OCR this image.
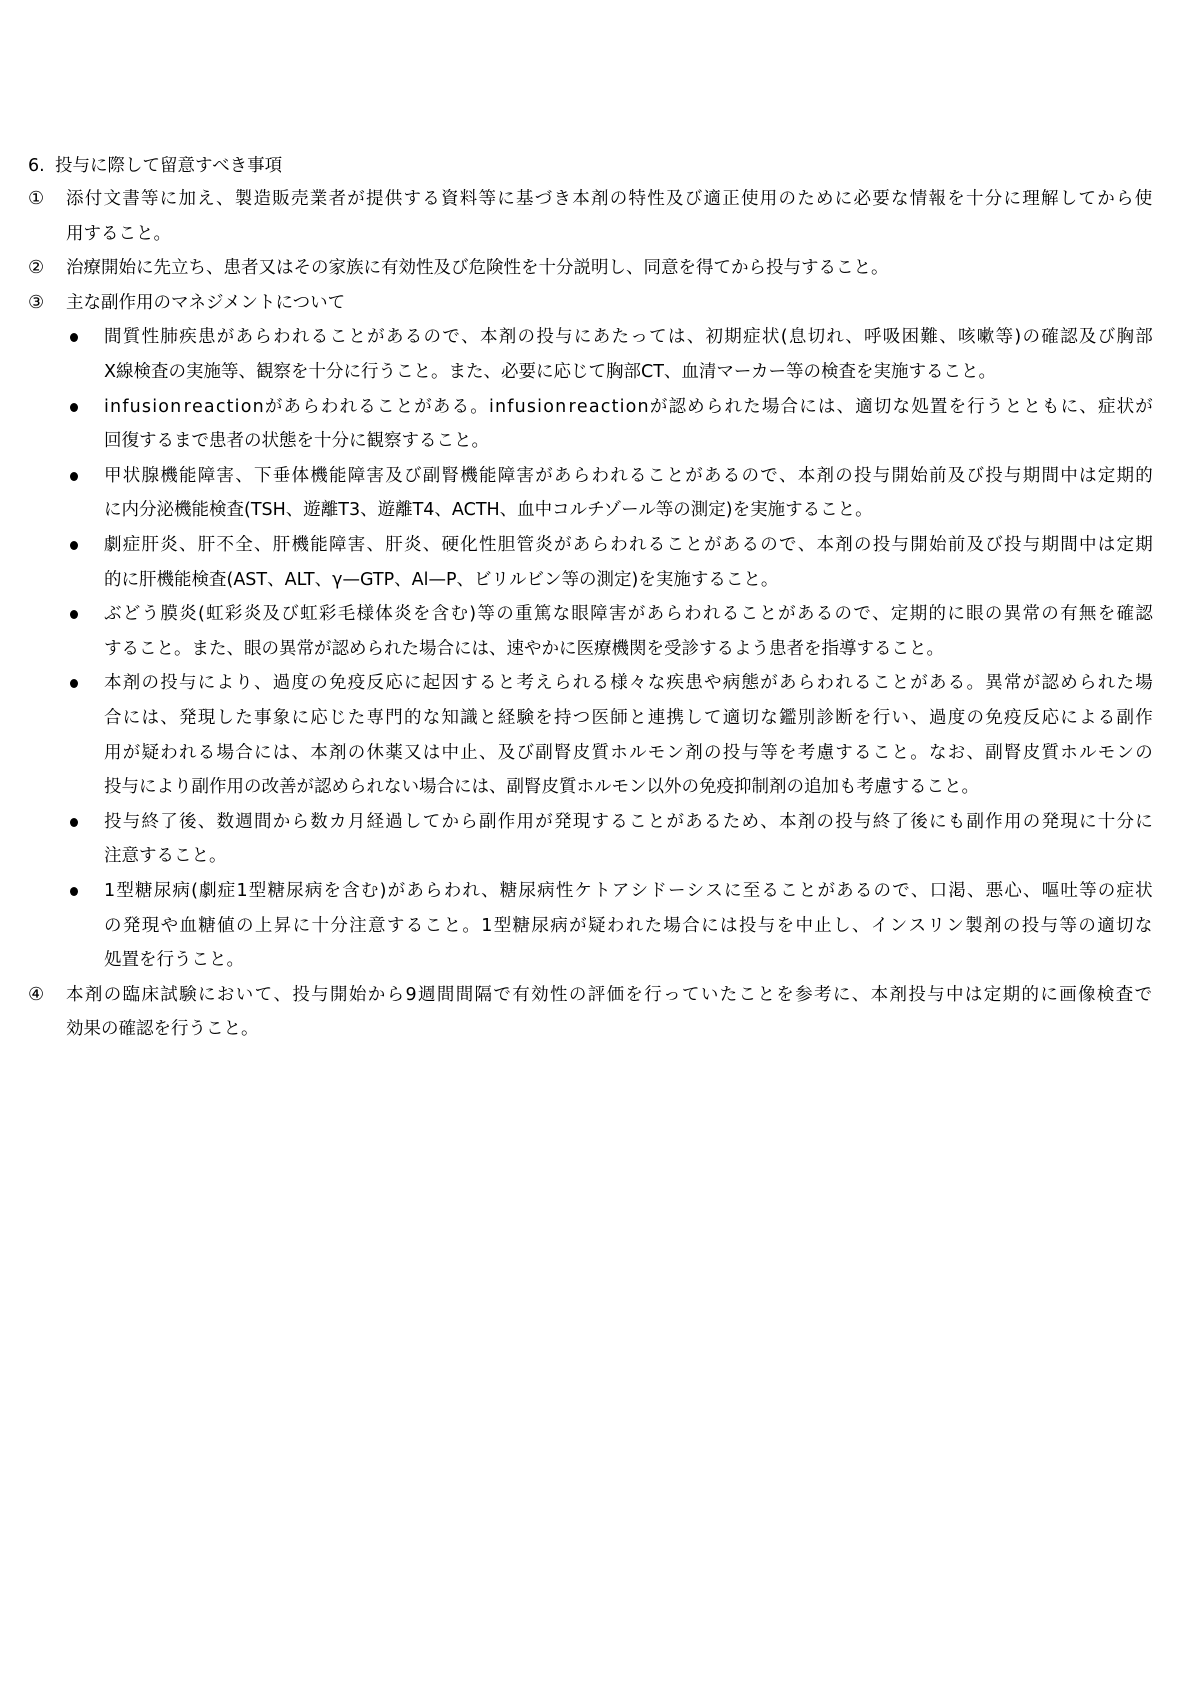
6. 投与に際して留意すべき事項
① 添 付 文 書 等 に 加 え 、 製 造 販 売 業 者 が 提 供 す る 資 料 等 に 基 づ き 本 剤 の 特 性 及 び 適 正 使 用 の た め に 必 要 な 情 報 を 十 分 に 理 解 し て か ら 使
用すること。
② 治療開始に先立ち、患者又はその家族に有効性及び危険性を十分説明し、同意を得てから投与すること。
③ 主な副作用のマネジメントについて
間 質 性 肺 疾 患 が あ ら わ れ る こ と が あ る の で 、 本 剤 の 投 与 に あ た っ て は 、 初 期 症 状 ( 息 切 れ 、 呼 吸 困 難 、 咳 嗽 等 ) の 確 認 及 び 胸 部
X線検査の実施等、観察を十分に行うこと。また、必要に応じて胸部CT、血清マーカー等の検査を実施すること。
i n f u s i o n r e a c t i o n が あ ら わ れ る こ と が あ る 。 i n f u s i o n r e a c t i o n が 認 め ら れ た 場 合 に は 、 適 切 な 処 置 を 行 う と と も に 、 症 状 が
回復するまで患者の状態を十分に観察すること。
甲 状 腺 機 能 障 害 、 下 垂 体 機 能 障 害 及 び 副 腎 機 能 障 害 が あ ら わ れ る こ と が あ る の で 、 本 剤 の 投 与 開 始 前 及 び 投 与 期 間 中 は 定 期 的
に内分泌機能検査(TSH、遊離T3、遊離T4、ACTH、血中コルチゾール等の測定)を実施すること。
劇 症 肝 炎 、 肝 不 全 、 肝 機 能 障 害 、 肝 炎 、 硬 化 性 胆 管 炎 が あ ら わ れ る こ と が あ る の で 、 本 剤 の 投 与 開 始 前 及 び 投 与 期 間 中 は 定 期
的に肝機能検査(AST、ALT、γ—GTP、Al—P、ビリルビン等の測定)を実施すること。
ぶ ど う 膜 炎 ( 虹 彩 炎 及 び 虹 彩 毛 様 体 炎 を 含 む ) 等 の 重 篤 な 眼 障 害 が あ ら わ れ る こ と が あ る の で 、 定 期 的 に 眼 の 異 常 の 有 無 を 確 認
すること。また、眼の異常が認められた場合には、速やかに医療機関を受診するよう患者を指導すること。
本 剤 の 投 与 に よ り 、 過 度 の 免 疫 反 応 に 起 因 す る と 考 え ら れ る 様 々 な 疾 患 や 病 態 が あ ら わ れ る こ と が あ る 。 異 常 が 認 め ら れ た 場
合 に は 、 発 現 し た 事 象 に 応 じ た 専 門 的 な 知 識 と 経 験 を 持 つ 医 師 と 連 携 し て 適 切 な 鑑 別 診 断 を 行 い 、 過 度 の 免 疫 反 応 に よ る 副 作
用 が 疑 わ れ る 場 合 に は 、 本 剤 の 休 薬 又 は 中 止 、 及 び 副 腎 皮 質 ホ ル モ ン 剤 の 投 与 等 を 考 慮 す る こ と 。 な お 、 副 腎 皮 質 ホ ル モ ン の
投与により副作用の改善が認められない場合には、副腎皮質ホルモン以外の免疫抑制剤の追加も考慮すること。
投 与 終 了 後 、 数 週 間 か ら 数 カ 月 経 過 し て か ら 副 作 用 が 発 現 す る こ と が あ る た め 、 本 剤 の 投 与 終 了 後 に も 副 作 用 の 発 現 に 十 分 に
注意すること。
1 型 糖 尿 病 ( 劇 症 1 型 糖 尿 病 を 含 む ) が あ ら わ れ 、 糖 尿 病 性 ケ ト ア シ ド ー シ ス に 至 る こ と が あ る の で 、 口 渇 、 悪 心 、 嘔 吐 等 の 症 状
の 発 現 や 血 糖 値 の 上 昇 に 十 分 注 意 す る こ と 。 1 型 糖 尿 病 が 疑 わ れ た 場 合 に は 投 与 を 中 止 し 、 イ ン ス リ ン 製 剤 の 投 与 等 の 適 切 な
処置を行うこと。
④ 本 剤 の 臨 床 試 験 に お い て 、 投 与 開 始 か ら 9 週 間 間 隔 で 有 効 性 の 評 価 を 行 っ て い た こ と を 参 考 に 、 本 剤 投 与 中 は 定 期 的 に 画 像 検 査 で
効果の確認を行うこと。
